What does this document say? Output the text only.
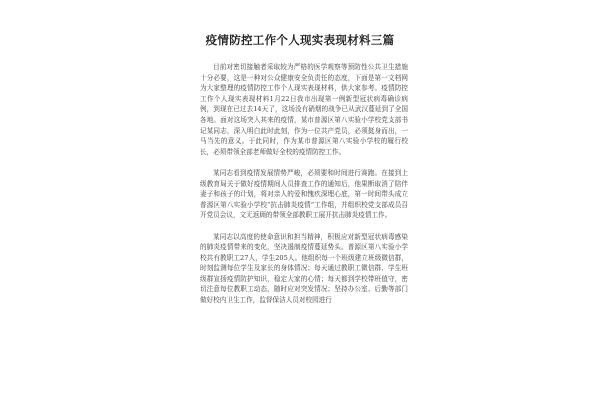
疫情防控工作个人现实表现材料三篇

目前对密切接触者采取较为严格的医学观察等预防性公共卫生措施十分必要，这是一种对公众健康安全负责任的态度，下面是第一文档网为大家整理的疫情防控工作个人现实表现材料，供大家参考。疫情防控工作个人现实表现材料1月22日我市出现第一例新型冠状病毒确诊病例，到现在已过去14天了，这场没有硝烟的战争已从武汉蔓延到了全国各地。面对这场突入其来的疫情，某市普源区第八实验小学校党支部书记某同志，深入明白此时此刻，作为一位共产党员，必须挺身而出，一马当先的意义。于此同时，作为某市普源区第八实验小学校的履行校长，必须带领全部老师做好全校的疫情防控工作。

某同志看到疫情发展情势严峻，必须要和时间进行赛跑。在接到上级教育局关于做好疫情期间人员排查工作的通知后，他果断取消了陪伴妻子和孩子的计划，将对亲人的爱和愧疚深埋心底，第一时间带头成立普源区第八实验小学校“抗击肺炎疫情”工作组，并组织校党支部成员召开党员会议，文无返顾的带领全部教职工展开抗击肺炎疫情工作。

某同志以高度的使命意识和担当精神，积极应对新型冠状病毒感染的肺炎疫情带来的变化，坚决遏制疫情蔓延势头。普源区第八实验小学校共有教职工27人，学生205人。他组织每一个班级建立班级微信群，时刻监测每位学生及家长的身体情况；每天通过教职工微信群、学生班级群宣扬疫情防护知识，稳定大家的心情；每天都到学校带班值守，密切注意每位教职工动态，随时应对突发情况；坚持办公室、后勤等部门做好校内卫生工作，监督保洁人员对校园进行
